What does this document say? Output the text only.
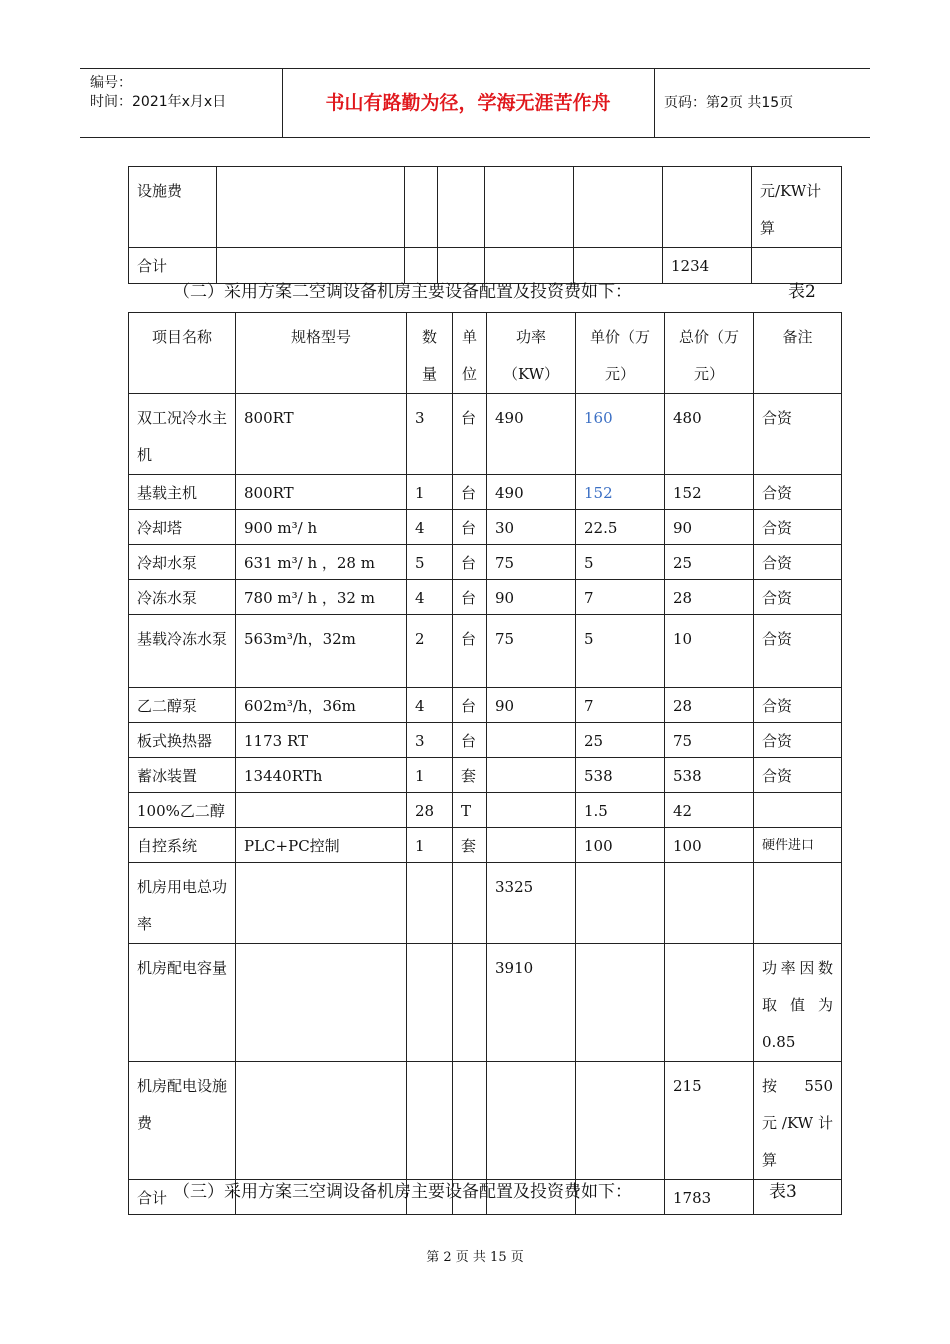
编号：
时间：2021年x月x日	书山有路勤为径，学海无涯苦作舟	页码：第2页 共15页
设施费							元/KW计算
合计						1234	
（二）采用方案二空调设备机房主要设备配置及投资费如下：	表2
项目名称	规格型号	数量	单位	功率（KW）	单价（万元）	总价（万元）	备注
双工况冷水主机	800RT	3	台	490	160	480	合资
基载主机	800RT	1	台	490	152	152	合资
冷却塔	900 m³/ h	4	台	30	22.5	90	合资
冷却水泵	631 m³/ h ，28 m	5	台	75	5	25	合资
冷冻水泵	780 m³/ h ，32 m	4	台	90	7	28	合资
基载冷冻水泵	563m³/h，32m	2	台	75	5	10	合资
乙二醇泵	602m³/h，36m	4	台	90	7	28	合资
板式换热器	1173 RT	3	台		25	75	合资
蓄冰装置	13440RTh	1	套		538	538	合资
100%乙二醇		28	T		1.5	42	
自控系统	PLC+PC控制	1	套		100	100	硬件进口
机房用电总功率				3325			
机房配电容量				3910			功率因数取值为0.85
机房配电设施费						215	按550元/KW计算
合计						1783	
（三）采用方案三空调设备机房主要设备配置及投资费如下：	表3
第 2 页 共 15 页
